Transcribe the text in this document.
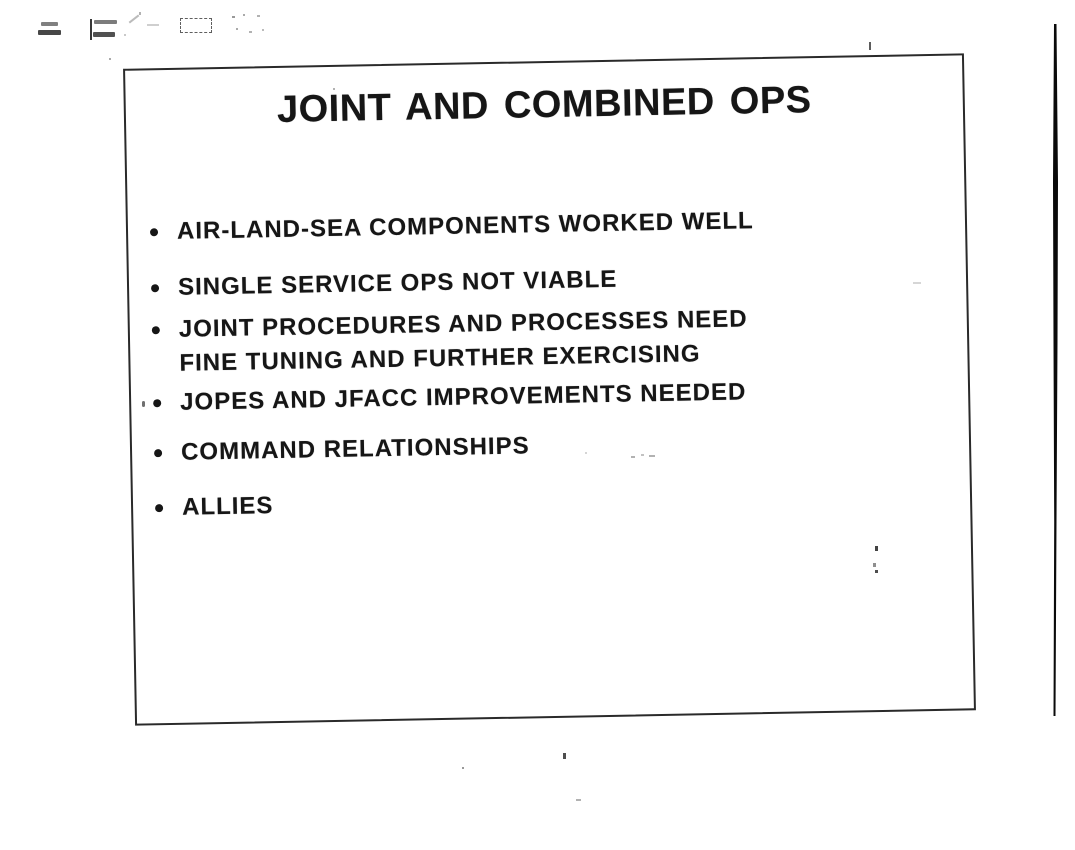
JOINT AND COMBINED OPS
AIR-LAND-SEA COMPONENTS WORKED WELL
SINGLE SERVICE OPS NOT VIABLE
JOINT PROCEDURES AND PROCESSES NEED
FINE TUNING AND FURTHER EXERCISING
JOPES AND JFACC IMPROVEMENTS NEEDED
COMMAND RELATIONSHIPS
ALLIES
